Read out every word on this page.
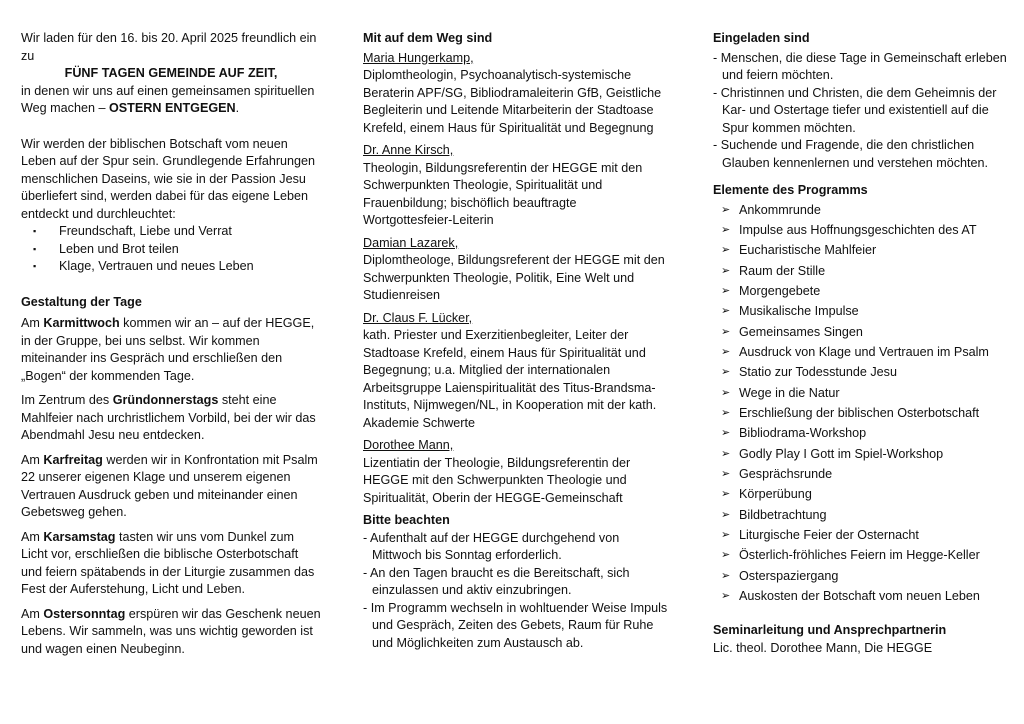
Wir laden für den 16. bis 20. April 2025 freundlich ein zu

FÜNF TAGEN GEMEINDE AUF ZEIT,

in denen wir uns auf einen gemeinsamen spirituellen Weg machen – OSTERN ENTGEGEN.

Wir werden der biblischen Botschaft vom neuen Leben auf der Spur sein. Grundlegende Erfahrungen menschlichen Daseins, wie sie in der Passion Jesu überliefert sind, werden dabei für das eigene Leben entdeckt und durchleuchtet:

▪ Freundschaft, Liebe und Verrat
▪ Leben und Brot teilen
▪ Klage, Vertrauen und neues Leben

Gestaltung der Tage

Am Karmittwoch kommen wir an – auf der HEGGE, in der Gruppe, bei uns selbst. Wir kommen miteinander ins Gespräch und erschließen den „Bogen“ der kommenden Tage.

Im Zentrum des Gründonnerstags steht eine Mahlfeier nach urchristlichem Vorbild, bei der wir das Abendmahl Jesu neu entdecken.

Am Karfreitag werden wir in Konfrontation mit Psalm 22 unserer eigenen Klage und unserem eigenen Vertrauen Ausdruck geben und miteinander einen Gebetsweg gehen.

Am Karsamstag tasten wir uns vom Dunkel zum Licht vor, erschließen die biblische Osterbotschaft und feiern spätabends in der Liturgie zusammen das Fest der Auferstehung, Licht und Leben.

Am Ostersonntag erspüren wir das Geschenk neuen Lebens. Wir sammeln, was uns wichtig geworden ist und wagen einen Neubeginn.

Mit auf dem Weg sind

Maria Hungerkamp,

Diplomtheologin, Psychoanalytisch-systemische Beraterin APF/SG, Bibliodramaleiterin GfB, Geistliche Begleiterin und Leitende Mitarbeiterin der Stadtoase Krefeld, einem Haus für Spiritualität und Begegnung

Dr. Anne Kirsch,

Theologin, Bildungsreferentin der HEGGE mit den Schwerpunkten Theologie, Spiritualität und Frauenbildung; bischöflich beauftragte Wortgottesfeier-Leiterin

Damian Lazarek,

Diplomtheologe, Bildungsreferent der HEGGE mit den Schwerpunkten Theologie, Politik, Eine Welt und Studienreisen

Dr. Claus F. Lücker,

kath. Priester und Exerzitienbegleiter, Leiter der Stadtoase Krefeld, einem Haus für Spiritualität und Begegnung; u.a. Mitglied der internationalen Arbeitsgruppe Laienspiritualität des Titus-Brandsma-Instituts, Nijmwegen/NL, in Kooperation mit der kath. Akademie Schwerte

Dorothee Mann,

Lizentiatin der Theologie, Bildungsreferentin der HEGGE mit den Schwerpunkten Theologie und Spiritualität, Oberin der HEGGE-Gemeinschaft

Bitte beachten

- Aufenthalt auf der HEGGE durchgehend von Mittwoch bis Sonntag erforderlich.
- An den Tagen braucht es die Bereitschaft, sich einzulassen und aktiv einzubringen.
- Im Programm wechseln in wohltuender Weise Impuls und Gespräch, Zeiten des Gebets, Raum für Ruhe und Möglichkeiten zum Austausch ab.

Eingeladen sind

- Menschen, die diese Tage in Gemeinschaft erleben und feiern möchten.
- Christinnen und Christen, die dem Geheimnis der Kar- und Ostertage tiefer und existentiell auf die Spur kommen möchten.
- Suchende und Fragende, die den christlichen Glauben kennenlernen und verstehen möchten.

Elemente des Programms

➢ Ankommrunde
➢ Impulse aus Hoffnungsgeschichten des AT
➢ Eucharistische Mahlfeier
➢ Raum der Stille
➢ Morgengebete
➢ Musikalische Impulse
➢ Gemeinsames Singen
➢ Ausdruck von Klage und Vertrauen im Psalm
➢ Statio zur Todesstunde Jesu
➢ Wege in die Natur
➢ Erschließung der biblischen Osterbotschaft
➢ Bibliodrama-Workshop
➢ Godly Play I Gott im Spiel-Workshop
➢ Gesprächsrunde
➢ Körperübung
➢ Bildbetrachtung
➢ Liturgische Feier der Osternacht
➢ Österlich-fröhliches Feiern im Hegge-Keller
➢ Osterspaziergang
➢ Auskosten der Botschaft vom neuen Leben

Seminarleitung und Ansprechpartnerin

Lic. theol. Dorothee Mann, Die HEGGE
